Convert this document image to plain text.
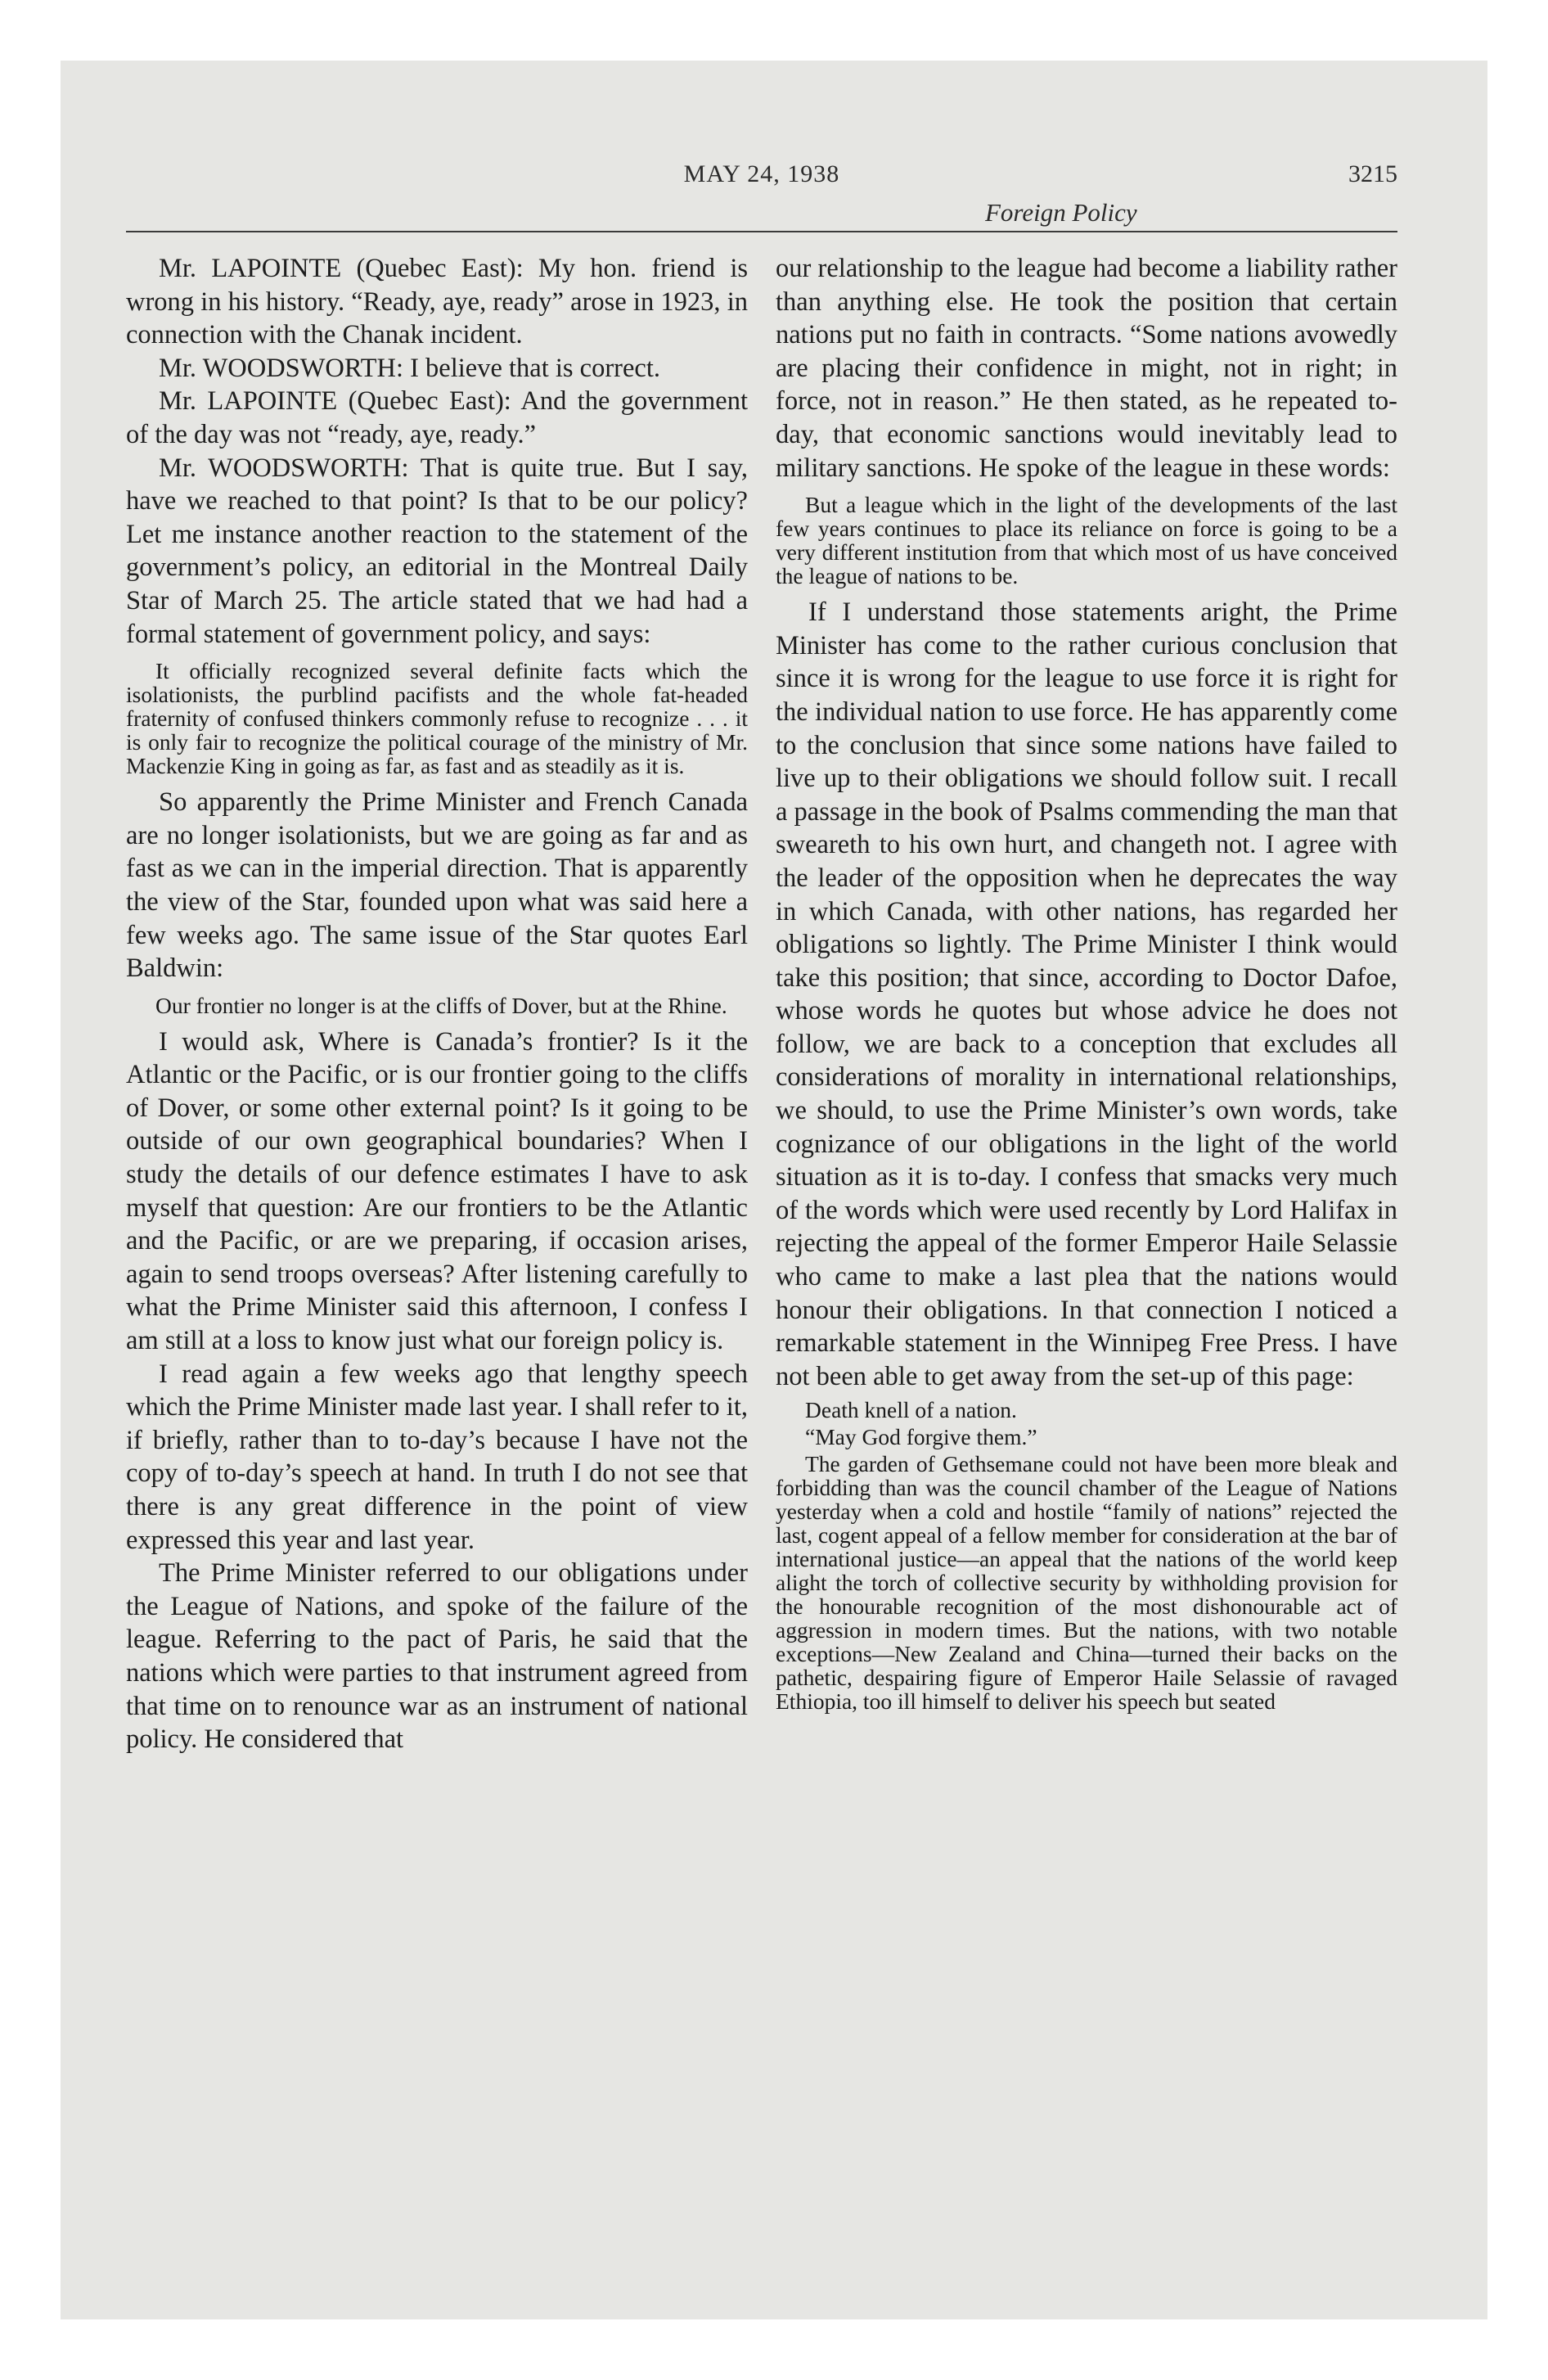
MAY 24, 1938
Foreign Policy
3215

Mr. LAPOINTE (Quebec East): My hon. friend is wrong in his history. “Ready, aye, ready” arose in 1923, in connection with the Chanak incident.

Mr. WOODSWORTH: I believe that is correct.

Mr. LAPOINTE (Quebec East): And the government of the day was not “ready, aye, ready.”

Mr. WOODSWORTH: That is quite true. But I say, have we reached to that point? Is that to be our policy? Let me instance another reaction to the statement of the government’s policy, an editorial in the Montreal Daily Star of March 25. The article stated that we had had a formal statement of government policy, and says:

It officially recognized several definite facts which the isolationists, the purblind pacifists and the whole fat-headed fraternity of confused thinkers commonly refuse to recognize . . . it is only fair to recognize the political courage of the ministry of Mr. Mackenzie King in going as far, as fast and as steadily as it is.

So apparently the Prime Minister and French Canada are no longer isolationists, but we are going as far and as fast as we can in the imperial direction. That is apparently the view of the Star, founded upon what was said here a few weeks ago. The same issue of the Star quotes Earl Baldwin:

Our frontier no longer is at the cliffs of Dover, but at the Rhine.

I would ask, Where is Canada’s frontier? Is it the Atlantic or the Pacific, or is our frontier going to the cliffs of Dover, or some other external point? Is it going to be outside of our own geographical boundaries? When I study the details of our defence estimates I have to ask myself that question: Are our frontiers to be the Atlantic and the Pacific, or are we preparing, if occasion arises, again to send troops overseas? After listening carefully to what the Prime Minister said this afternoon, I confess I am still at a loss to know just what our foreign policy is.

I read again a few weeks ago that lengthy speech which the Prime Minister made last year. I shall refer to it, if briefly, rather than to to-day’s because I have not the copy of to-day’s speech at hand. In truth I do not see that there is any great difference in the point of view expressed this year and last year.

The Prime Minister referred to our obligations under the League of Nations, and spoke of the failure of the league. Referring to the pact of Paris, he said that the nations which were parties to that instrument agreed from that time on to renounce war as an instrument of national policy. He considered that

our relationship to the league had become a liability rather than anything else. He took the position that certain nations put no faith in contracts. “Some nations avowedly are placing their confidence in might, not in right; in force, not in reason.” He then stated, as he repeated to-day, that economic sanctions would inevitably lead to military sanctions. He spoke of the league in these words:

But a league which in the light of the developments of the last few years continues to place its reliance on force is going to be a very different institution from that which most of us have conceived the league of nations to be.

If I understand those statements aright, the Prime Minister has come to the rather curious conclusion that since it is wrong for the league to use force it is right for the individual nation to use force. He has apparently come to the conclusion that since some nations have failed to live up to their obligations we should follow suit. I recall a passage in the book of Psalms commending the man that sweareth to his own hurt, and changeth not. I agree with the leader of the opposition when he deprecates the way in which Canada, with other nations, has regarded her obligations so lightly. The Prime Minister I think would take this position; that since, according to Doctor Dafoe, whose words he quotes but whose advice he does not follow, we are back to a conception that excludes all considerations of morality in international relationships, we should, to use the Prime Minister’s own words, take cognizance of our obligations in the light of the world situation as it is to-day. I confess that smacks very much of the words which were used recently by Lord Halifax in rejecting the appeal of the former Emperor Haile Selassie who came to make a last plea that the nations would honour their obligations. In that connection I noticed a remarkable statement in the Winnipeg Free Press. I have not been able to get away from the set-up of this page:

Death knell of a nation.

“May God forgive them.”

The garden of Gethsemane could not have been more bleak and forbidding than was the council chamber of the League of Nations yesterday when a cold and hostile “family of nations” rejected the last, cogent appeal of a fellow member for consideration at the bar of international justice—an appeal that the nations of the world keep alight the torch of collective security by withholding provision for the honourable recognition of the most dishonourable act of aggression in modern times. But the nations, with two notable exceptions—New Zealand and China—turned their backs on the pathetic, despairing figure of Emperor Haile Selassie of ravaged Ethiopia, too ill himself to deliver his speech but seated
